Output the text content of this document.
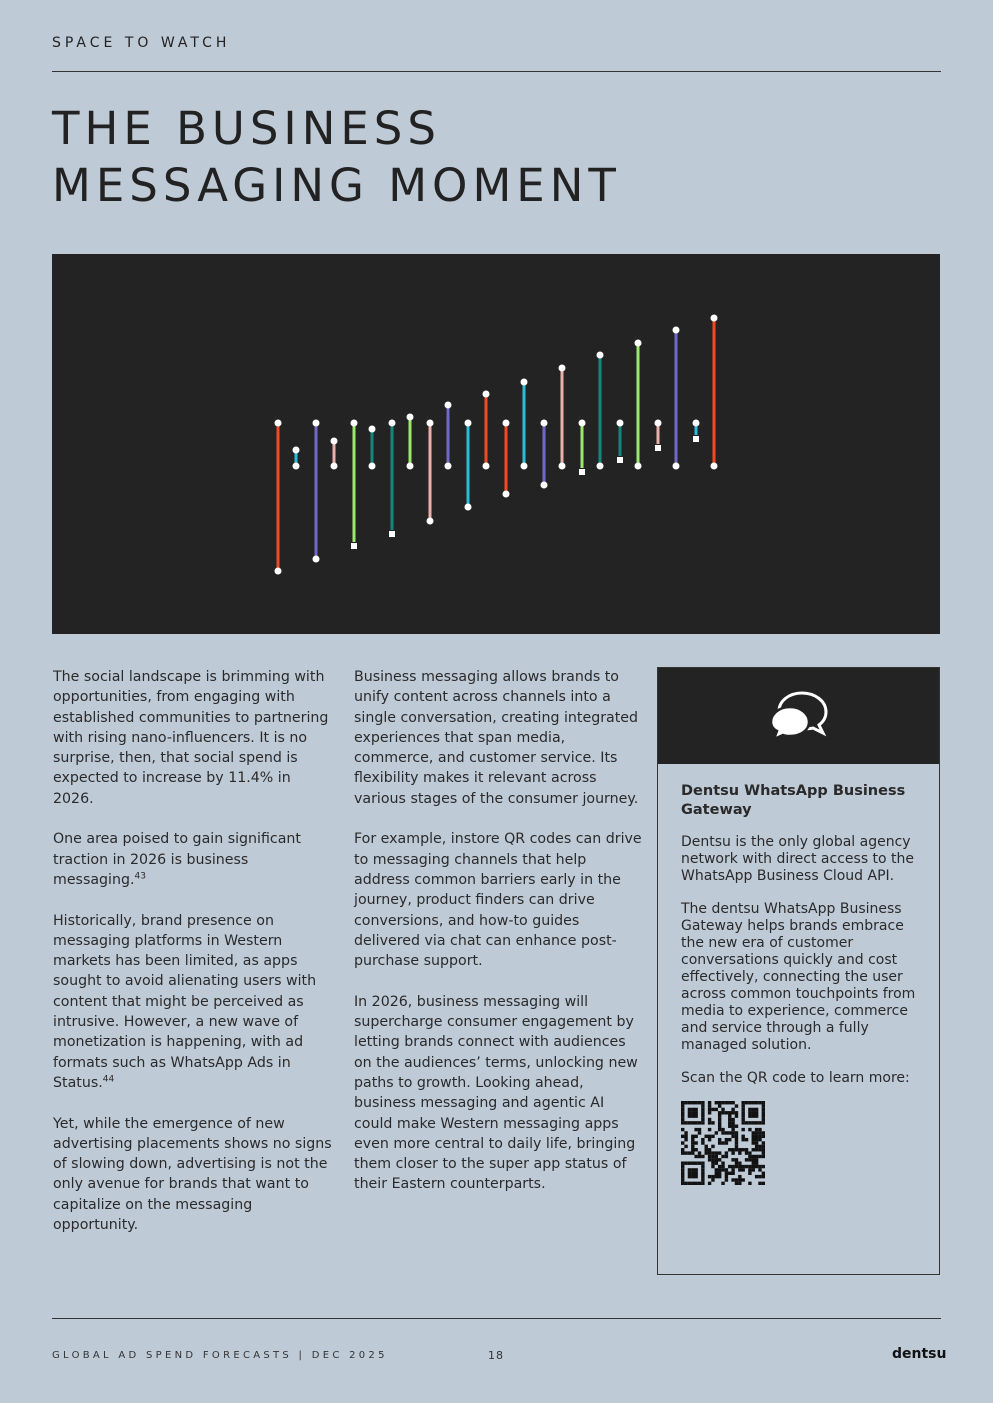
SPACE TO WATCH
THE BUSINESS
MESSAGING MOMENT

The social landscape is brimming with opportunities, from engaging with established communities to partnering with rising nano-influencers. It is no surprise, then, that social spend is expected to increase by 11.4% in 2026.

One area poised to gain significant traction in 2026 is business messaging.$^{43}$

Historically, brand presence on messaging platforms in Western markets has been limited, as apps sought to avoid alienating users with content that might be perceived as intrusive. However, a new wave of monetization is happening, with ad formats such as WhatsApp Ads in Status.$^{44}$

Yet, while the emergence of new advertising placements shows no signs of slowing down, advertising is not the only avenue for brands that want to capitalize on the messaging opportunity.

Business messaging allows brands to unify content across channels into a single conversation, creating integrated experiences that span media, commerce, and customer service. Its flexibility makes it relevant across various stages of the consumer journey.

For example, instore QR codes can drive to messaging channels that help address common barriers early in the journey, product finders can drive conversions, and how-to guides delivered via chat can enhance post-purchase support.

In 2026, business messaging will supercharge consumer engagement by letting brands connect with audiences on the audiences’ terms, unlocking new paths to growth. Looking ahead, business messaging and agentic AI could make Western messaging apps even more central to daily life, bringing them closer to the super app status of their Eastern counterparts.

Dentsu WhatsApp Business Gateway

Dentsu is the only global agency network with direct access to the WhatsApp Business Cloud API.

The dentsu WhatsApp Business Gateway helps brands embrace the new era of customer conversations quickly and cost effectively, connecting the user across common touchpoints from media to experience, commerce and service through a fully managed solution.

Scan the QR code to learn more:

GLOBAL AD SPEND FORECASTS | DEC 2025	18	dentsu
